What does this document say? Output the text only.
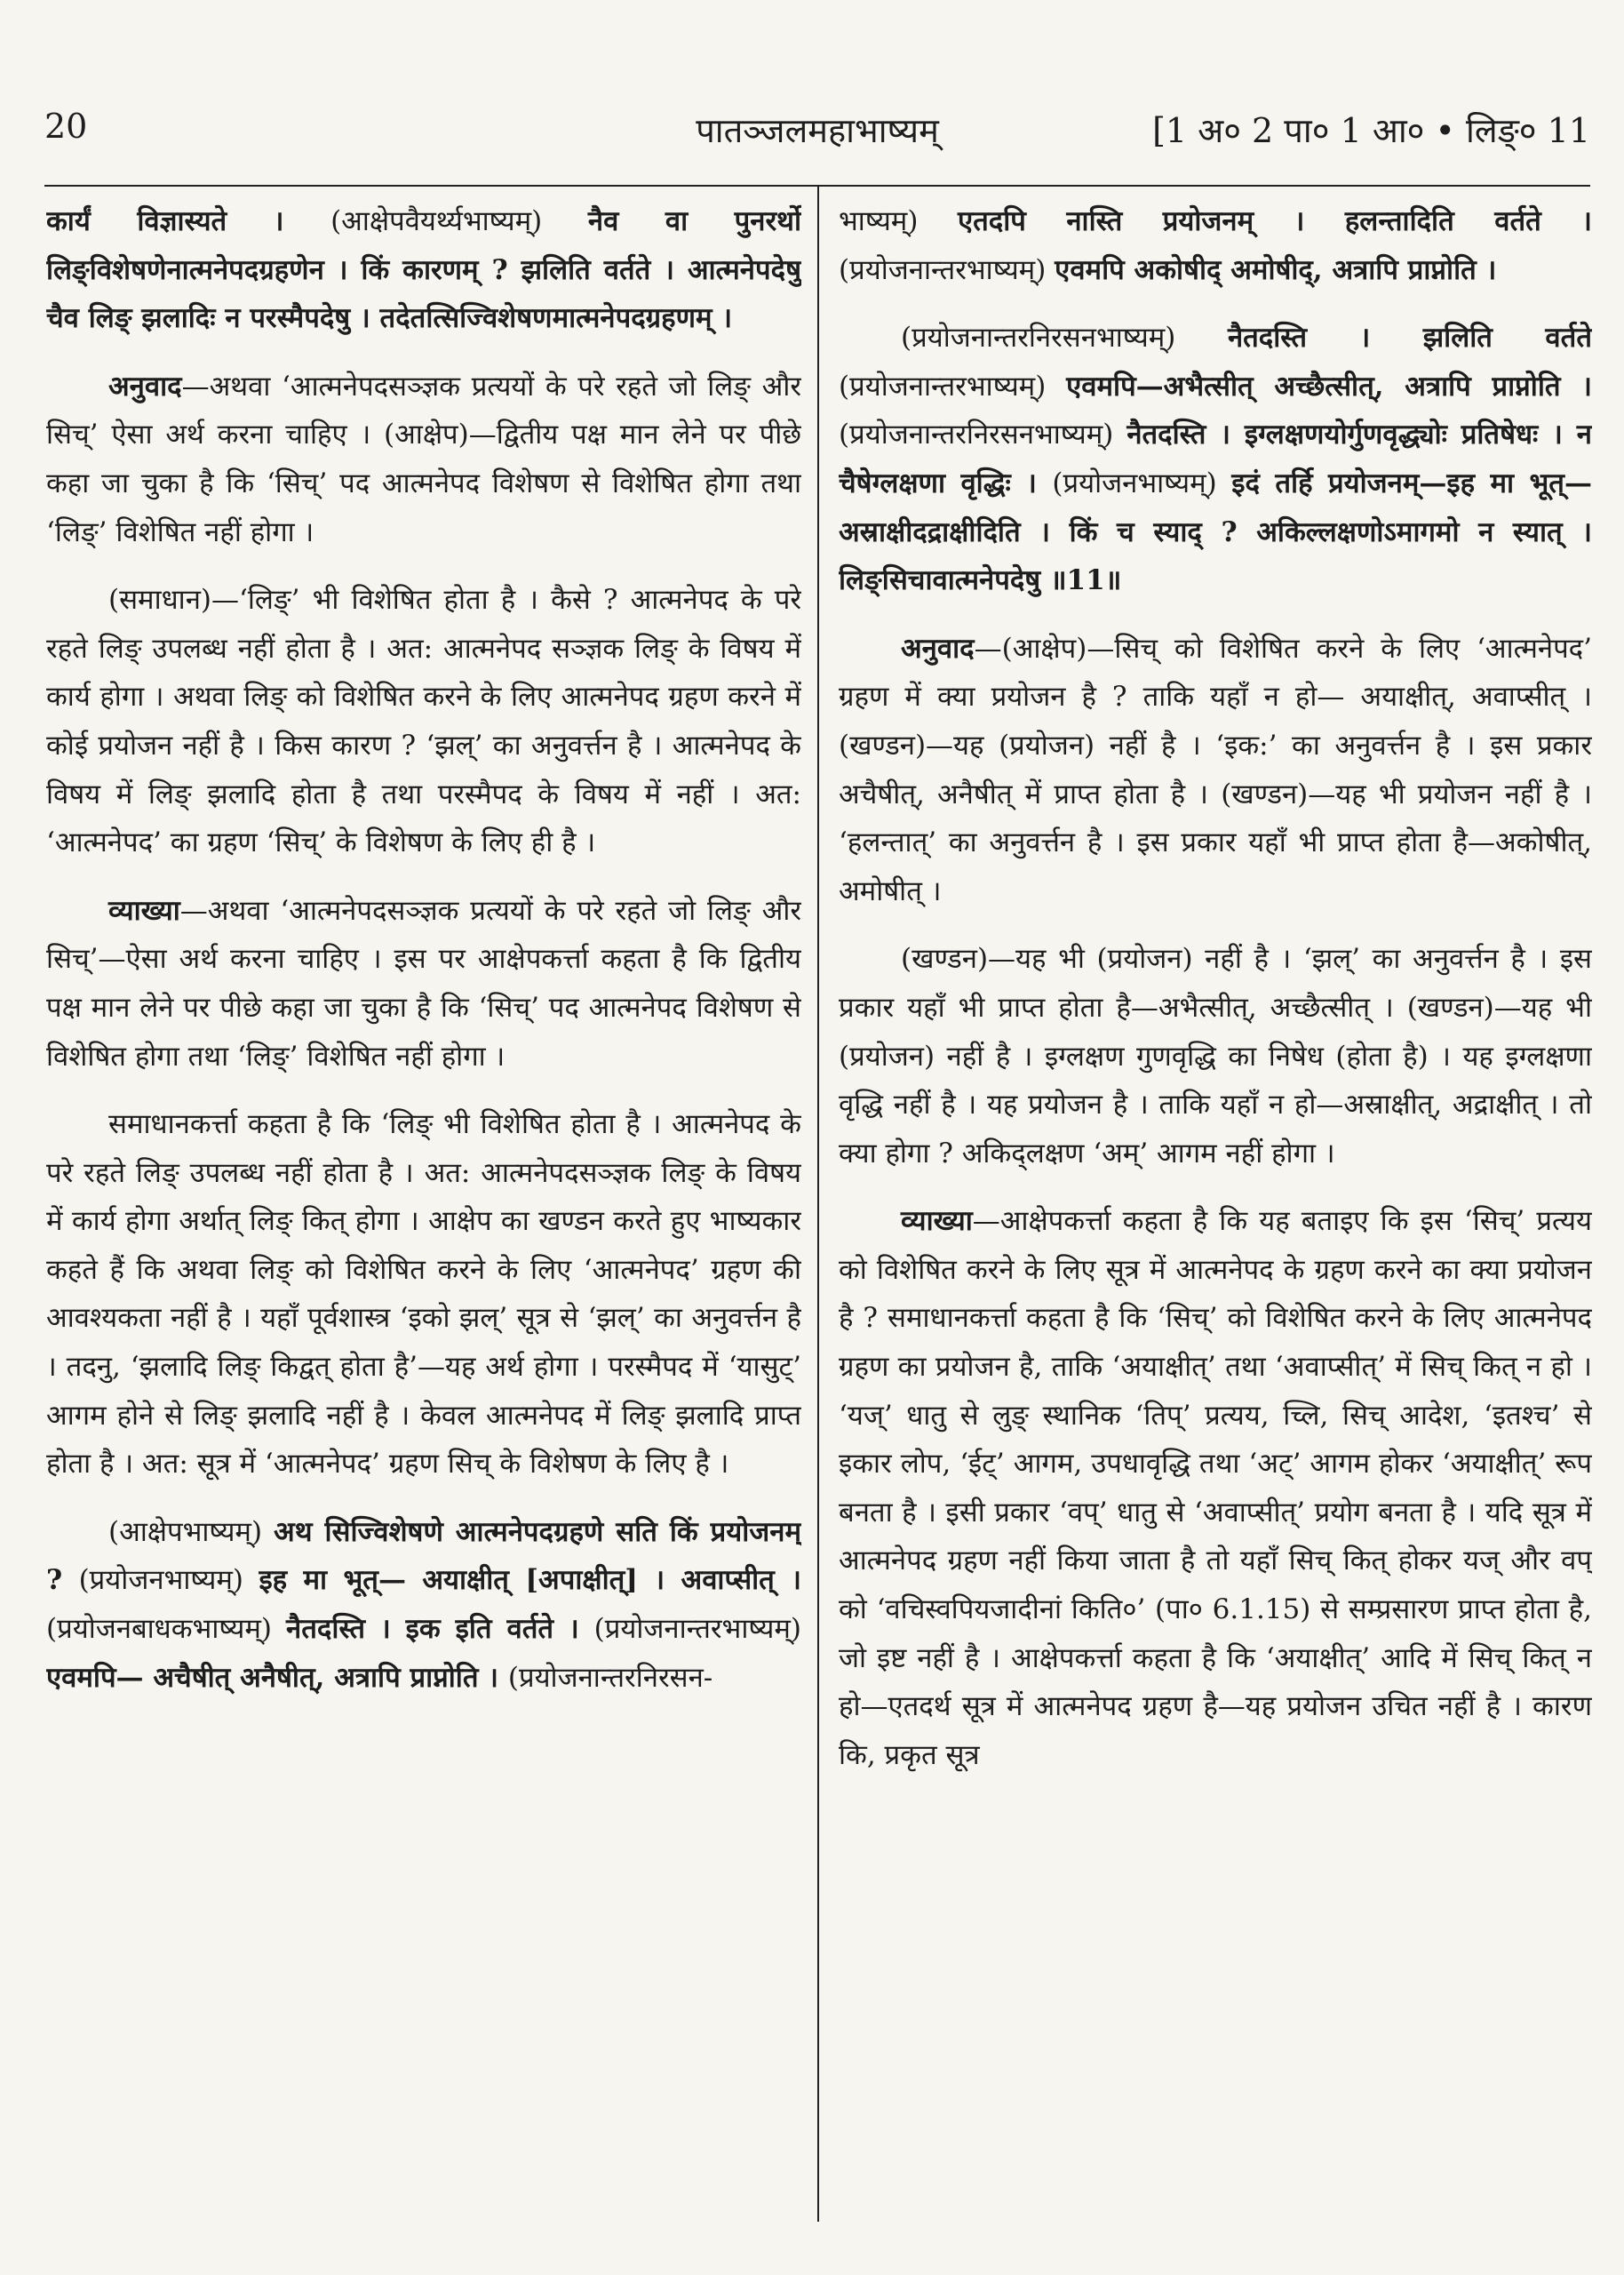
20	पातञ्जलमहाभाष्यम्	[1 अ० 2 पा० 1 आ० • लिङ्० 11

कार्यं विज्ञास्यते । (आक्षेपवैयर्थ्यभाष्यम्) नैव वा पुनरर्थो लिङ्विशेषणेनात्मनेपदग्रहणेन । किं कारणम् ? झलिति वर्तते । आत्मनेपदेषु चैव लिङ् झलादिः न परस्मैपदेषु । तदेतत्सिज्विशेषणमात्मनेपदग्रहणम् ।

अनुवाद—अथवा ‘आत्मनेपदसञ्ज्ञक प्रत्ययों के परे रहते जो लिङ् और सिच्’ ऐसा अर्थ करना चाहिए । (आक्षेप)—द्वितीय पक्ष मान लेने पर पीछे कहा जा चुका है कि ‘सिच्’ पद आत्मनेपद विशेषण से विशेषित होगा तथा ‘लिङ्’ विशेषित नहीं होगा ।

(समाधान)—‘लिङ्’ भी विशेषित होता है । कैसे ? आत्मनेपद के परे रहते लिङ् उपलब्ध नहीं होता है । अत: आत्मनेपद सञ्ज्ञक लिङ् के विषय में कार्य होगा । अथवा लिङ् को विशेषित करने के लिए आत्मनेपद ग्रहण करने में कोई प्रयोजन नहीं है । किस कारण ? ‘झल्’ का अनुवर्त्तन है । आत्मनेपद के विषय में लिङ् झलादि होता है तथा परस्मैपद के विषय में नहीं । अत: ‘आत्मनेपद’ का ग्रहण ‘सिच्’ के विशेषण के लिए ही है ।

व्याख्या—अथवा ‘आत्मनेपदसञ्ज्ञक प्रत्ययों के परे रहते जो लिङ् और सिच्’—ऐसा अर्थ करना चाहिए । इस पर आक्षेपकर्त्ता कहता है कि द्वितीय पक्ष मान लेने पर पीछे कहा जा चुका है कि ‘सिच्’ पद आत्मनेपद विशेषण से विशेषित होगा तथा ‘लिङ्’ विशेषित नहीं होगा ।

समाधानकर्त्ता कहता है कि ‘लिङ् भी विशेषित होता है । आत्मनेपद के परे रहते लिङ् उपलब्ध नहीं होता है । अत: आत्मनेपदसञ्ज्ञक लिङ् के विषय में कार्य होगा अर्थात् लिङ् कित् होगा । आक्षेप का खण्डन करते हुए भाष्यकार कहते हैं कि अथवा लिङ् को विशेषित करने के लिए ‘आत्मनेपद’ ग्रहण की आवश्यकता नहीं है । यहाँ पूर्वशास्त्र ‘इको झल्’ सूत्र से ‘झल्’ का अनुवर्त्तन है । तदनु, ‘झलादि लिङ् किद्वत् होता है’—यह अर्थ होगा । परस्मैपद में ‘यासुट्’ आगम होने से लिङ् झलादि नहीं है । केवल आत्मनेपद में लिङ् झलादि प्राप्त होता है । अत: सूत्र में ‘आत्मनेपद’ ग्रहण सिच् के विशेषण के लिए है ।

(आक्षेपभाष्यम्) अथ सिज्विशेषणे आत्मनेपदग्रहणे सति किं प्रयोजनम् ? (प्रयोजनभाष्यम्) इह मा भूत्— अयाक्षीत् [अपाक्षीत्] । अवाप्सीत् । (प्रयोजनबाधकभाष्यम्) नैतदस्ति । इक इति वर्तते । (प्रयोजनान्तरभाष्यम्) एवमपि— अचैषीत् अनैषीत्, अत्रापि प्राप्नोति । (प्रयोजनान्तरनिरसन-

भाष्यम्) एतदपि नास्ति प्रयोजनम् । हलन्तादिति वर्तते । (प्रयोजनान्तरभाष्यम्) एवमपि अकोषीद् अमोषीद्, अत्रापि प्राप्नोति ।

(प्रयोजनान्तरनिरसनभाष्यम्) नैतदस्ति । झलिति वर्तते (प्रयोजनान्तरभाष्यम्) एवमपि—अभैत्सीत् अच्छैत्सीत्, अत्रापि प्राप्नोति । (प्रयोजनान्तरनिरसनभाष्यम्) नैतदस्ति । इग्लक्षणयोर्गुणवृद्ध्योः प्रतिषेधः । न चैषेग्लक्षणा वृद्धिः । (प्रयोजनभाष्यम्) इदं तर्हि प्रयोजनम्—इह मा भूत्—अस्राक्षीदद्राक्षीदिति । किं च स्याद् ? अकिल्लक्षणोऽमागमो न स्यात् । लिङ्सिचावात्मनेपदेषु ॥11॥

अनुवाद—(आक्षेप)—सिच् को विशेषित करने के लिए ‘आत्मनेपद’ ग्रहण में क्या प्रयोजन है ? ताकि यहाँ न हो— अयाक्षीत्, अवाप्सीत् । (खण्डन)—यह (प्रयोजन) नहीं है । ‘इक:’ का अनुवर्त्तन है । इस प्रकार अचैषीत्, अनैषीत् में प्राप्त होता है । (खण्डन)—यह भी प्रयोजन नहीं है । ‘हलन्तात्’ का अनुवर्त्तन है । इस प्रकार यहाँ भी प्राप्त होता है—अकोषीत्, अमोषीत् ।

(खण्डन)—यह भी (प्रयोजन) नहीं है । ‘झल्’ का अनुवर्त्तन है । इस प्रकार यहाँ भी प्राप्त होता है—अभैत्सीत्, अच्छैत्सीत् । (खण्डन)—यह भी (प्रयोजन) नहीं है । इग्लक्षण गुणवृद्धि का निषेध (होता है) । यह इग्लक्षणा वृद्धि नहीं है । यह प्रयोजन है । ताकि यहाँ न हो—अस्राक्षीत्, अद्राक्षीत् । तो क्या होगा ? अकिद्लक्षण ‘अम्’ आगम नहीं होगा ।

व्याख्या—आक्षेपकर्त्ता कहता है कि यह बताइए कि इस ‘सिच्’ प्रत्यय को विशेषित करने के लिए सूत्र में आत्मनेपद के ग्रहण करने का क्या प्रयोजन है ? समाधानकर्त्ता कहता है कि ‘सिच्’ को विशेषित करने के लिए आत्मनेपद ग्रहण का प्रयोजन है, ताकि ‘अयाक्षीत्’ तथा ‘अवाप्सीत्’ में सिच् कित् न हो । ‘यज्’ धातु से लुङ् स्थानिक ‘तिप्’ प्रत्यय, च्लि, सिच् आदेश, ‘इतश्च’ से इकार लोप, ‘ईट्’ आगम, उपधावृद्धि तथा ‘अट्’ आगम होकर ‘अयाक्षीत्’ रूप बनता है । इसी प्रकार ‘वप्’ धातु से ‘अवाप्सीत्’ प्रयोग बनता है । यदि सूत्र में आत्मनेपद ग्रहण नहीं किया जाता है तो यहाँ सिच् कित् होकर यज् और वप् को ‘वचिस्वपियजादीनां किति०’ (पा० 6.1.15) से सम्प्रसारण प्राप्त होता है, जो इष्ट नहीं है । आक्षेपकर्त्ता कहता है कि ‘अयाक्षीत्’ आदि में सिच् कित् न हो—एतदर्थ सूत्र में आत्मनेपद ग्रहण है—यह प्रयोजन उचित नहीं है । कारण कि, प्रकृत सूत्र
